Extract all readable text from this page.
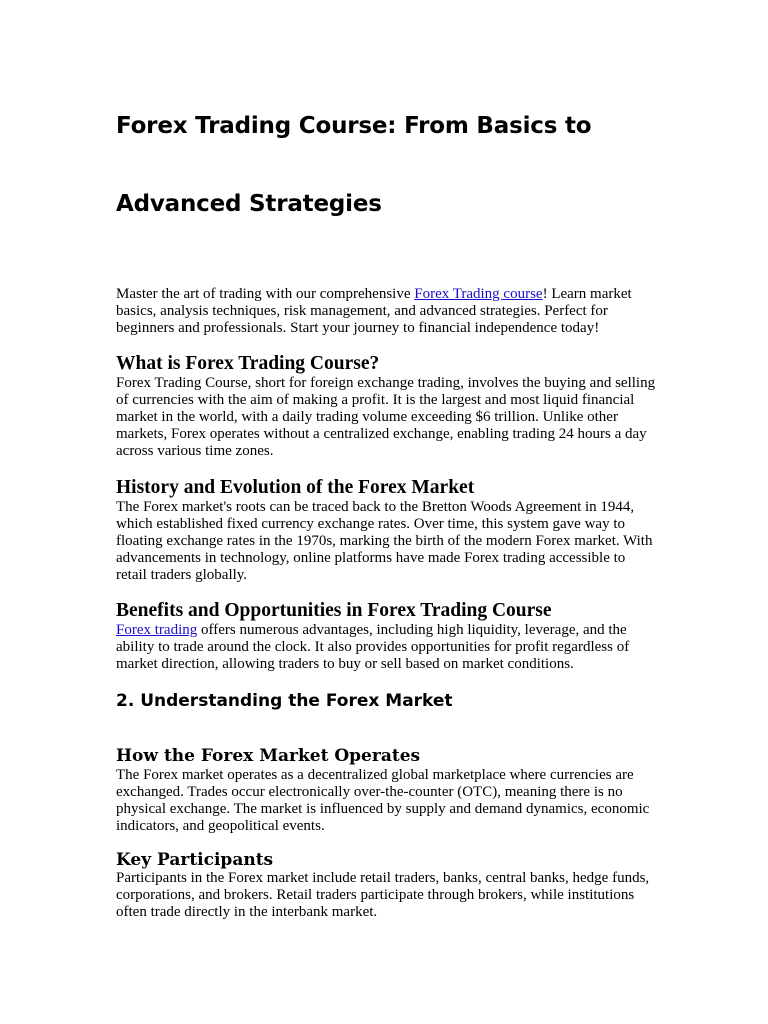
Forex Trading Course: From Basics to
Advanced Strategies

Master the art of trading with our comprehensive Forex Trading course! Learn market basics, analysis techniques, risk management, and advanced strategies. Perfect for beginners and professionals. Start your journey to financial independence today!

What is Forex Trading Course?

Forex Trading Course, short for foreign exchange trading, involves the buying and selling of currencies with the aim of making a profit. It is the largest and most liquid financial market in the world, with a daily trading volume exceeding $6 trillion. Unlike other markets, Forex operates without a centralized exchange, enabling trading 24 hours a day across various time zones.

History and Evolution of the Forex Market

The Forex market's roots can be traced back to the Bretton Woods Agreement in 1944, which established fixed currency exchange rates. Over time, this system gave way to floating exchange rates in the 1970s, marking the birth of the modern Forex market. With advancements in technology, online platforms have made Forex trading accessible to retail traders globally.

Benefits and Opportunities in Forex Trading Course

Forex trading offers numerous advantages, including high liquidity, leverage, and the ability to trade around the clock. It also provides opportunities for profit regardless of market direction, allowing traders to buy or sell based on market conditions.

2. Understanding the Forex Market
How the Forex Market Operates

The Forex market operates as a decentralized global marketplace where currencies are exchanged. Trades occur electronically over-the-counter (OTC), meaning there is no physical exchange. The market is influenced by supply and demand dynamics, economic indicators, and geopolitical events.

Key Participants

Participants in the Forex market include retail traders, banks, central banks, hedge funds, corporations, and brokers. Retail traders participate through brokers, while institutions often trade directly in the interbank market.
